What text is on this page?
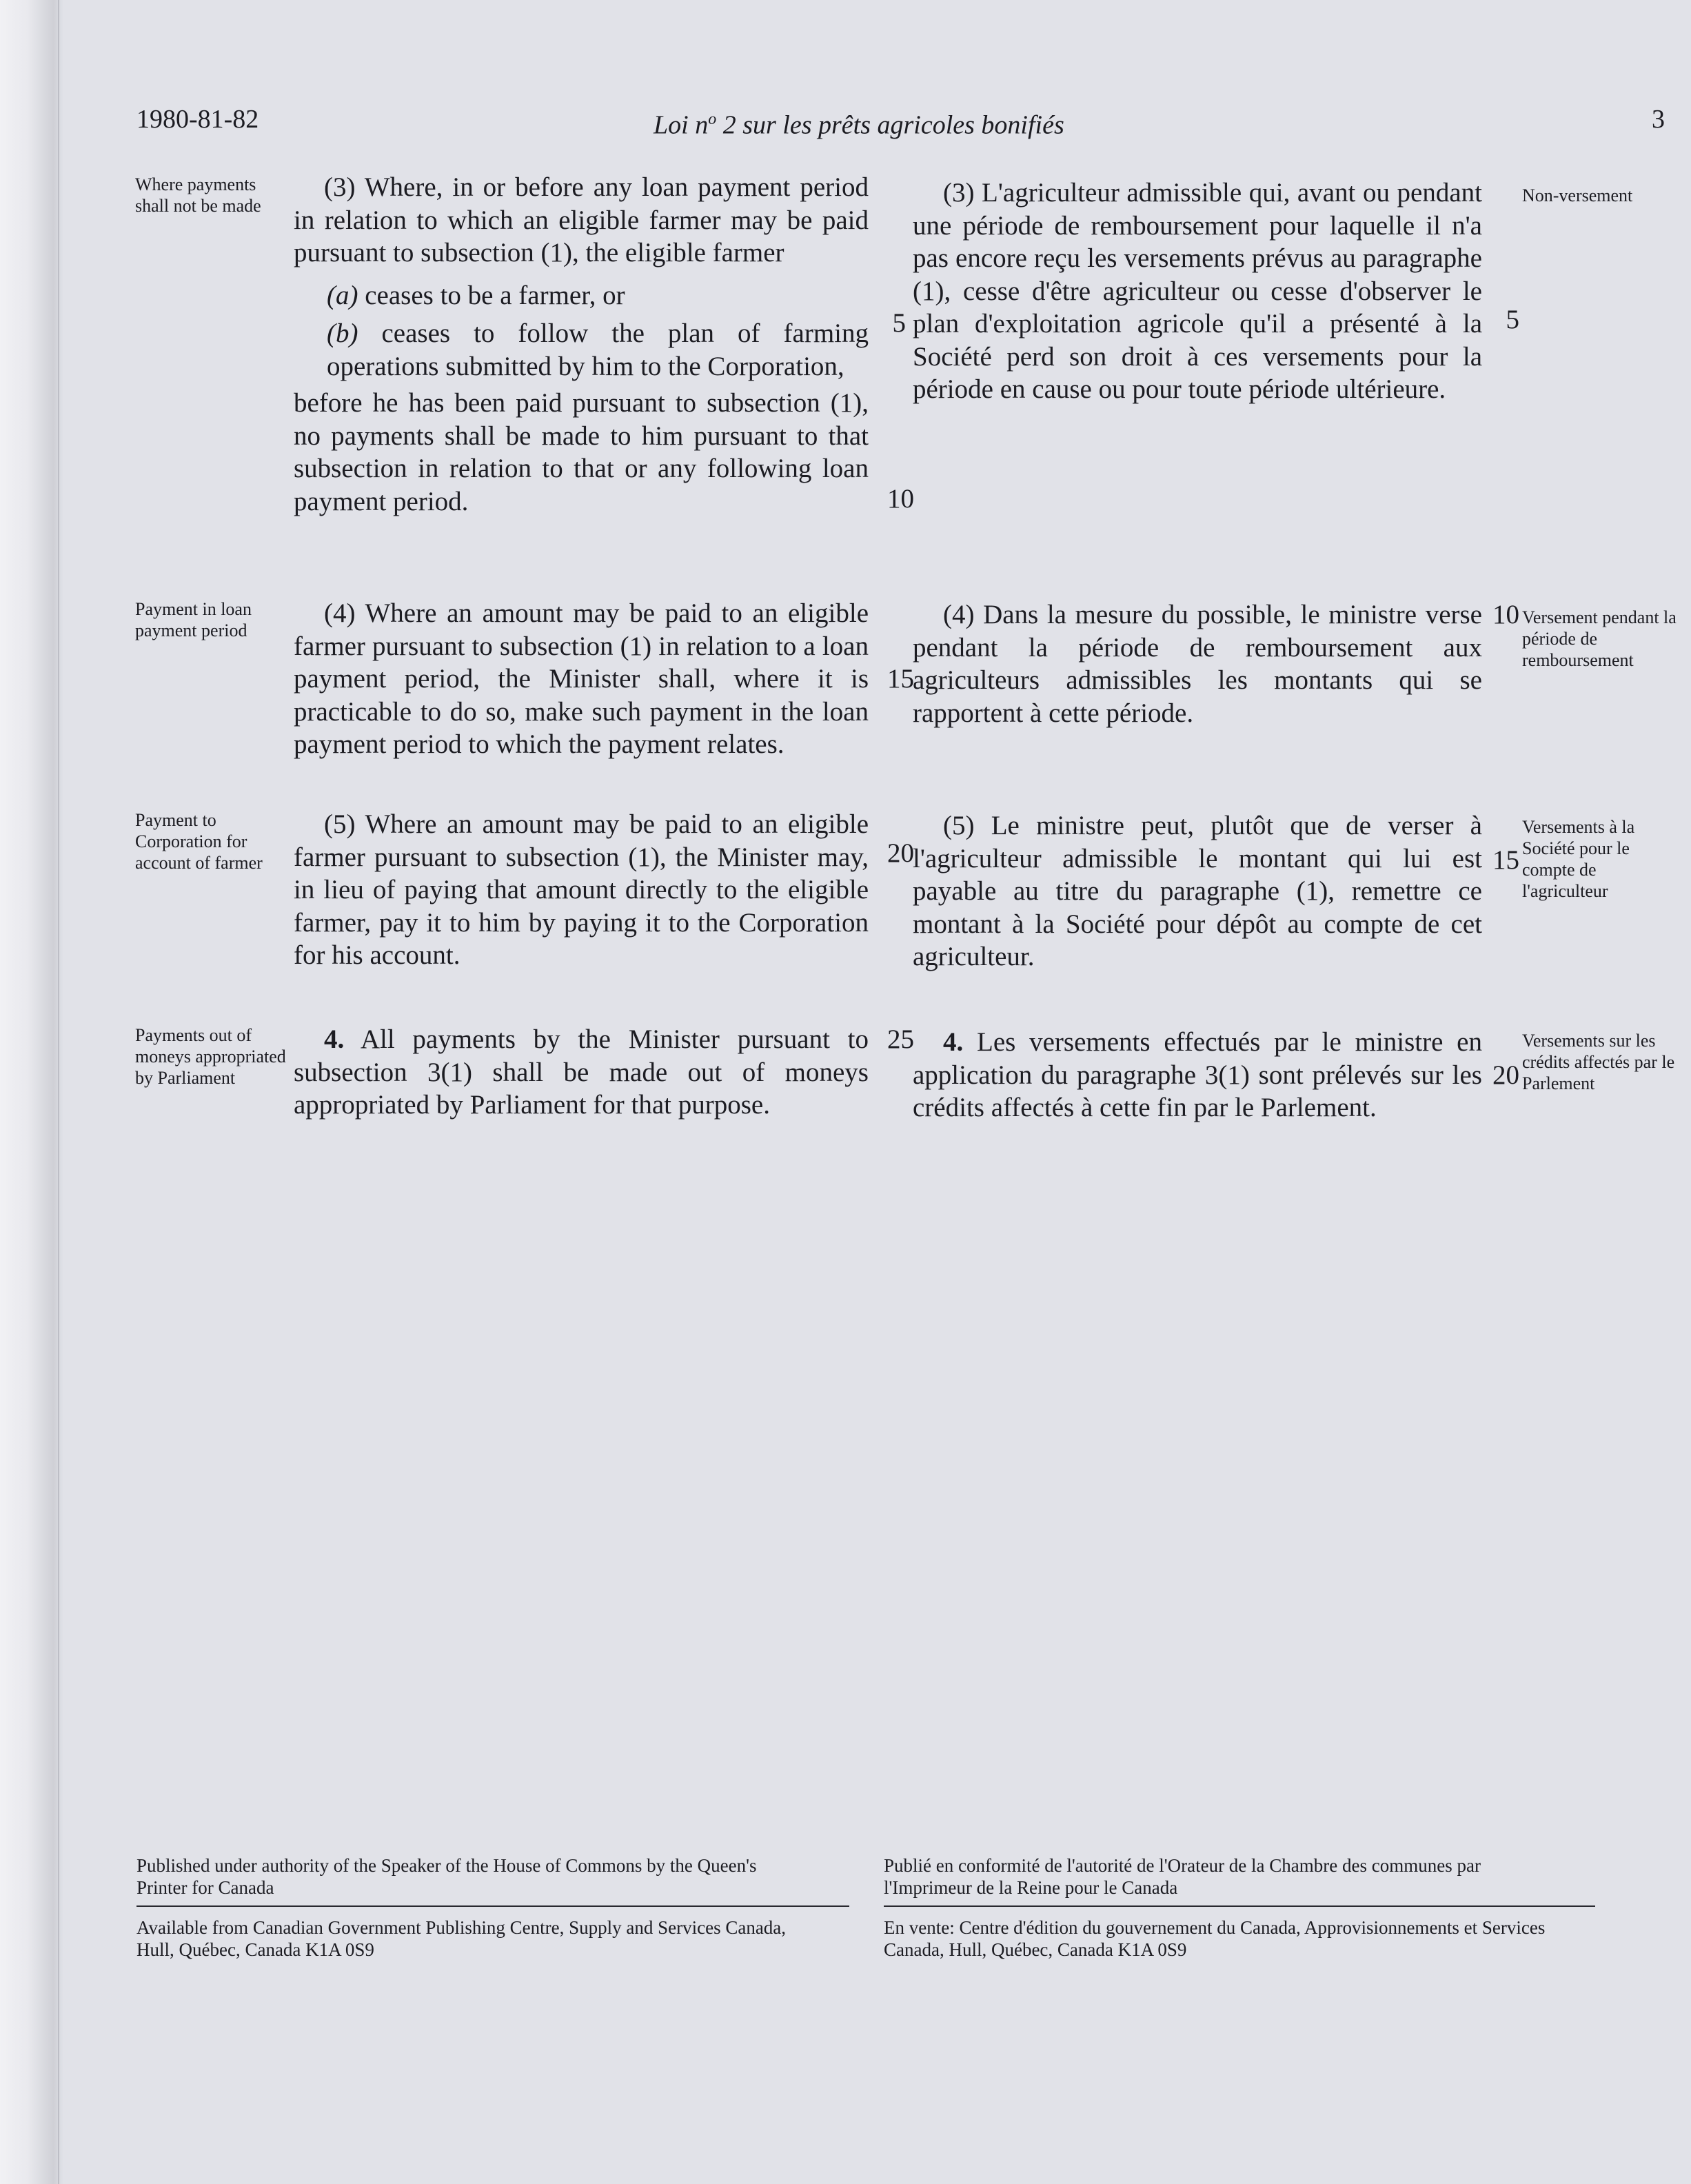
1980-81-82	Loi $n^o$ 2 sur les prêts agricoles bonifiés	3
Where payments shall not be made
Payment in loan payment period
Payment to Corporation for account of farmer
Payments out of moneys appropriated by Parliament
Non-versement
Versement pendant la période de remboursement
Versements à la Société pour le compte de l'agriculteur
Versements sur les crédits affectés par le Parlement

(3) Where, in or before any loan payment period in relation to which an eligible farmer may be paid pursuant to subsection (1), the eligible farmer

(a) ceases to be a farmer, or

(b) ceases to follow the plan of farming operations submitted by him to the Corporation,

before he has been paid pursuant to subsection (1), no payments shall be made to him pursuant to that subsection in relation to that or any following loan payment period.

(4) Where an amount may be paid to an eligible farmer pursuant to subsection (1) in relation to a loan payment period, the Minister shall, where it is practicable to do so, make such payment in the loan payment period to which the payment relates.

(5) Where an amount may be paid to an eligible farmer pursuant to subsection (1), the Minister may, in lieu of paying that amount directly to the eligible farmer, pay it to him by paying it to the Corporation for his account.

4. All payments by the Minister pursuant to subsection 3(1) shall be made out of moneys appropriated by Parliament for that purpose.

5
10
15
20
25

(3) L'agriculteur admissible qui, avant ou pendant une période de remboursement pour laquelle il n'a pas encore reçu les versements prévus au paragraphe (1), cesse d'être agriculteur ou cesse d'observer le plan d'exploitation agricole qu'il a présenté à la Société perd son droit à ces versements pour la période en cause ou pour toute période ultérieure.

(4) Dans la mesure du possible, le ministre verse pendant la période de remboursement aux agriculteurs admissibles les montants qui se rapportent à cette période.

(5) Le ministre peut, plutôt que de verser à l'agriculteur admissible le montant qui lui est payable au titre du paragraphe (1), remettre ce montant à la Société pour dépôt au compte de cet agriculteur.

4. Les versements effectués par le ministre en application du paragraphe 3(1) sont prélevés sur les crédits affectés à cette fin par le Parlement.

5
10
15
20
Published under authority of the Speaker of the House of Commons by the Queen's Printer for Canada
Available from Canadian Government Publishing Centre, Supply and Services Canada, Hull, Québec, Canada K1A 0S9
Publié en conformité de l'autorité de l'Orateur de la Chambre des communes par l'Imprimeur de la Reine pour le Canada
En vente: Centre d'édition du gouvernement du Canada, Approvisionnements et Services Canada, Hull, Québec, Canada K1A 0S9
